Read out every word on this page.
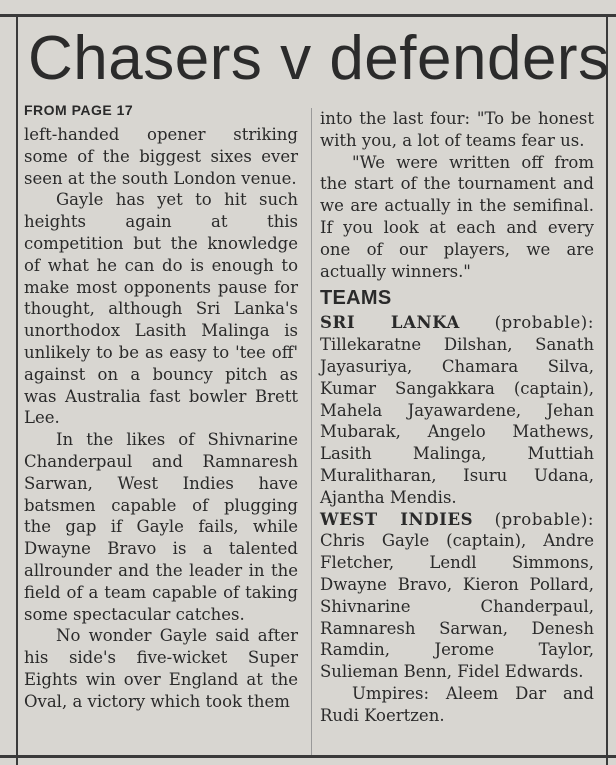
Chasers v defenders
FROM PAGE 17

left-handed opener striking some of the biggest sixes ever seen at the south London venue.

Gayle has yet to hit such heights again at this competition but the knowledge of what he can do is enough to make most opponents pause for thought, although Sri Lanka's unorthodox Lasith Malinga is unlikely to be as easy to 'tee off' against on a bouncy pitch as was Australia fast bowler Brett Lee.

In the likes of Shivnarine Chanderpaul and Ramnaresh Sarwan, West Indies have batsmen capable of plugging the gap if Gayle fails, while Dwayne Bravo is a talented allrounder and the leader in the field of a team capable of taking some spectacular catches.

No wonder Gayle said after his side's five-wicket Super Eights win over England at the Oval, a victory which took them

into the last four: "To be honest with you, a lot of teams fear us.

"We were written off from the start of the tournament and we are actually in the semifinal. If you look at each and every one of our players, we are actually winners."

TEAMS

SRI LANKA (probable): Tillekaratne Dilshan, Sanath Jayasuriya, Chamara Silva, Kumar Sangakkara (captain), Mahela Jayawardene, Jehan Mubarak, Angelo Mathews, Lasith Malinga, Muttiah Muralitharan, Isuru Udana, Ajantha Mendis.

WEST INDIES (probable): Chris Gayle (captain), Andre Fletcher, Lendl Simmons, Dwayne Bravo, Kieron Pollard, Shivnarine Chanderpaul, Ramnaresh Sarwan, Denesh Ramdin, Jerome Taylor, Sulieman Benn, Fidel Edwards.

Umpires: Aleem Dar and Rudi Koertzen.
